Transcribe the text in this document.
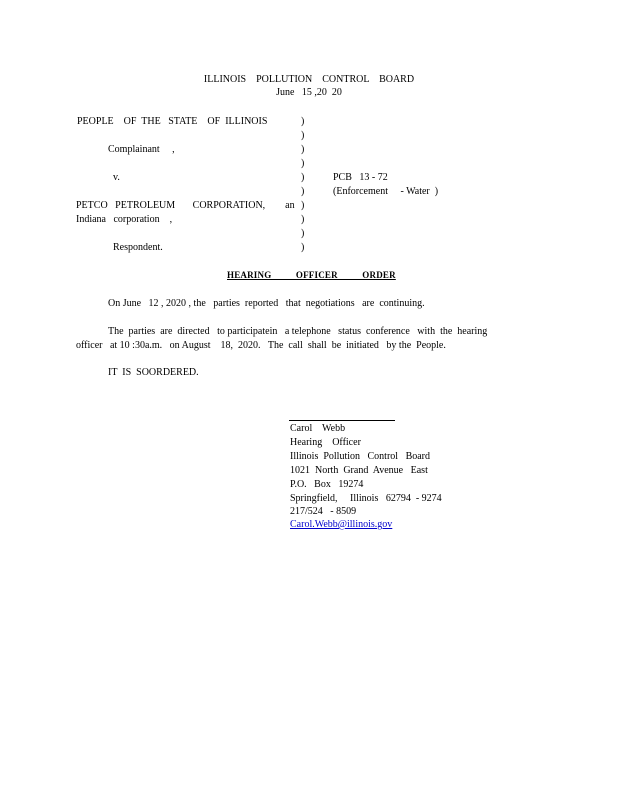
ILLINOIS    POLLUTION    CONTROL    BOARD
June   15 ,20  20
PEOPLE    OF  THE   STATE    OF  ILLINOIS
Complainant     ,
v.
PETCO   PETROLEUM       CORPORATION,        an
Indiana   corporation    ,
Respondent.
)
)
)
)
)
)
)
)
)
)
PCB   13 - 72
(Enforcement     - Water  )
HEARING          OFFICER          ORDER
On June   12 , 2020 , the   parties  reported   that  negotiations   are  continuing.
The  parties  are  directed   to participatein   a telephone   status  conference   with  the  hearing
officer   at 10 :30a.m.   on August    18,  2020.   The  call  shall  be  initiated   by the  People.
IT  IS  SOORDERED.
Carol    Webb
Hearing    Officer
Illinois  Pollution   Control   Board
1021  North  Grand  Avenue   East
P.O.   Box   19274
Springfield,     Illinois   62794  - 9274
217/524   - 8509
Carol.Webb@illinois.gov
